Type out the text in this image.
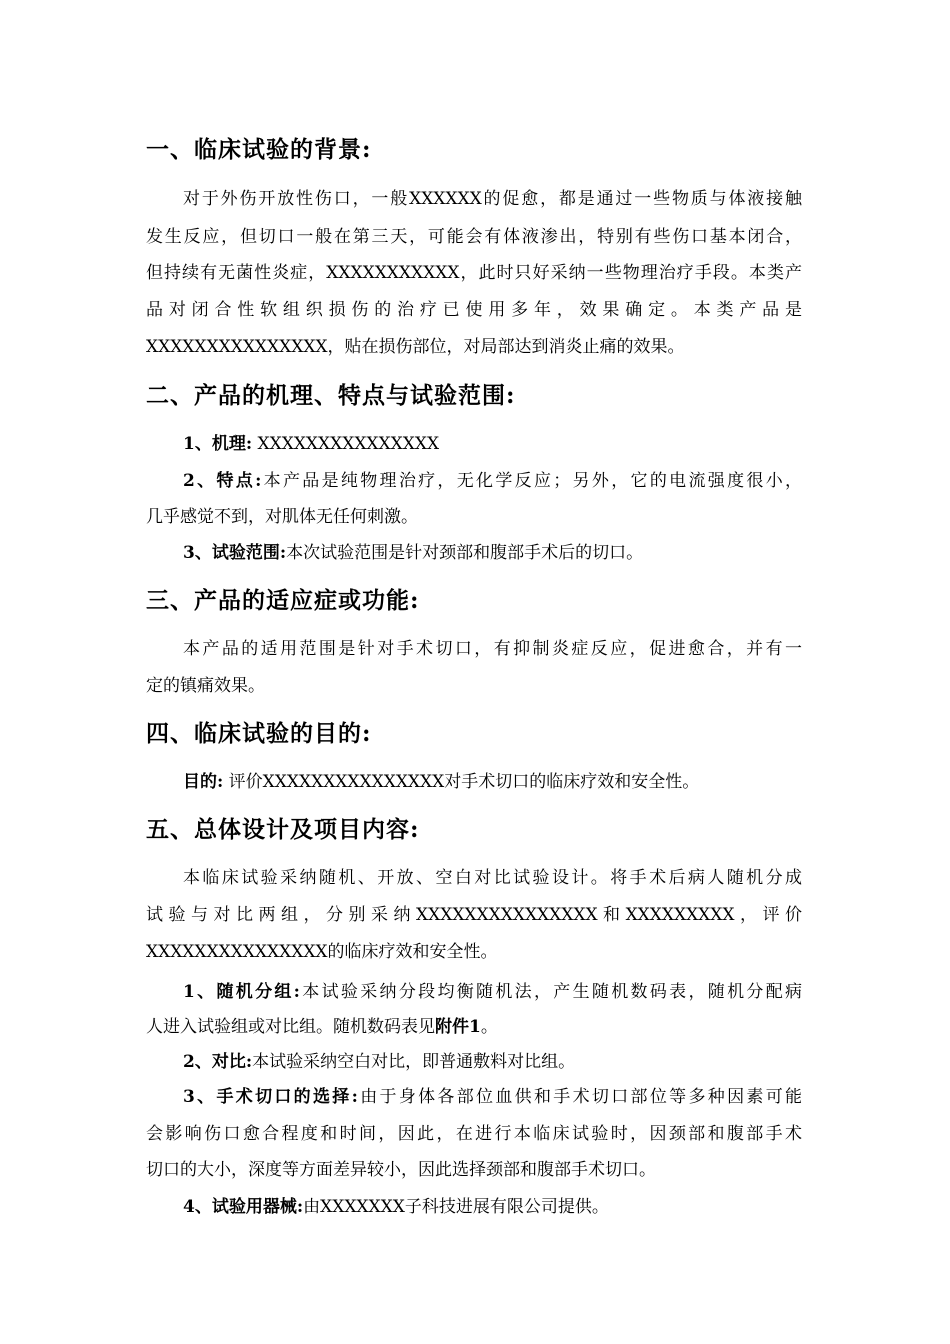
一、临床试验的背景:
对于外伤开放性伤口，一般XXXXXX的促愈，都是通过一些物质与体液接触
发生反应，但切口一般在第三天，可能会有体液渗出，特别有些伤口基本闭合，
但持续有无菌性炎症，XXXXXXXXXXX，此时只好采纳一些物理治疗手段。本类产
品对闭合性软组织损伤的治疗已使用多年，效果确定。本类产品是
XXXXXXXXXXXXXXX，贴在损伤部位，对局部达到消炎止痛的效果。
二、产品的机理、特点与试验范围:
1、机理: XXXXXXXXXXXXXXX
2、特点:本产品是纯物理治疗，无化学反应；另外，它的电流强度很小，
几乎感觉不到，对肌体无任何刺激。
3、试验范围:本次试验范围是针对颈部和腹部手术后的切口。
三、产品的适应症或功能:
本产品的适用范围是针对手术切口，有抑制炎症反应，促进愈合，并有一
定的镇痛效果。
四、临床试验的目的:
目的: 评价XXXXXXXXXXXXXXX对手术切口的临床疗效和安全性。
五、总体设计及项目内容:
本临床试验采纳随机、开放、空白对比试验设计。将手术后病人随机分成
试验与对比两组，分别采纳XXXXXXXXXXXXXXX和XXXXXXXXX，评价
XXXXXXXXXXXXXXX的临床疗效和安全性。
1、随机分组:本试验采纳分段均衡随机法，产生随机数码表，随机分配病
人进入试验组或对比组。随机数码表见附件1。
2、对比:本试验采纳空白对比，即普通敷料对比组。
3、手术切口的选择:由于身体各部位血供和手术切口部位等多种因素可能
会影响伤口愈合程度和时间，因此，在进行本临床试验时，因颈部和腹部手术
切口的大小，深度等方面差异较小，因此选择颈部和腹部手术切口。
4、试验用器械:由XXXXXXX子科技进展有限公司提供。
